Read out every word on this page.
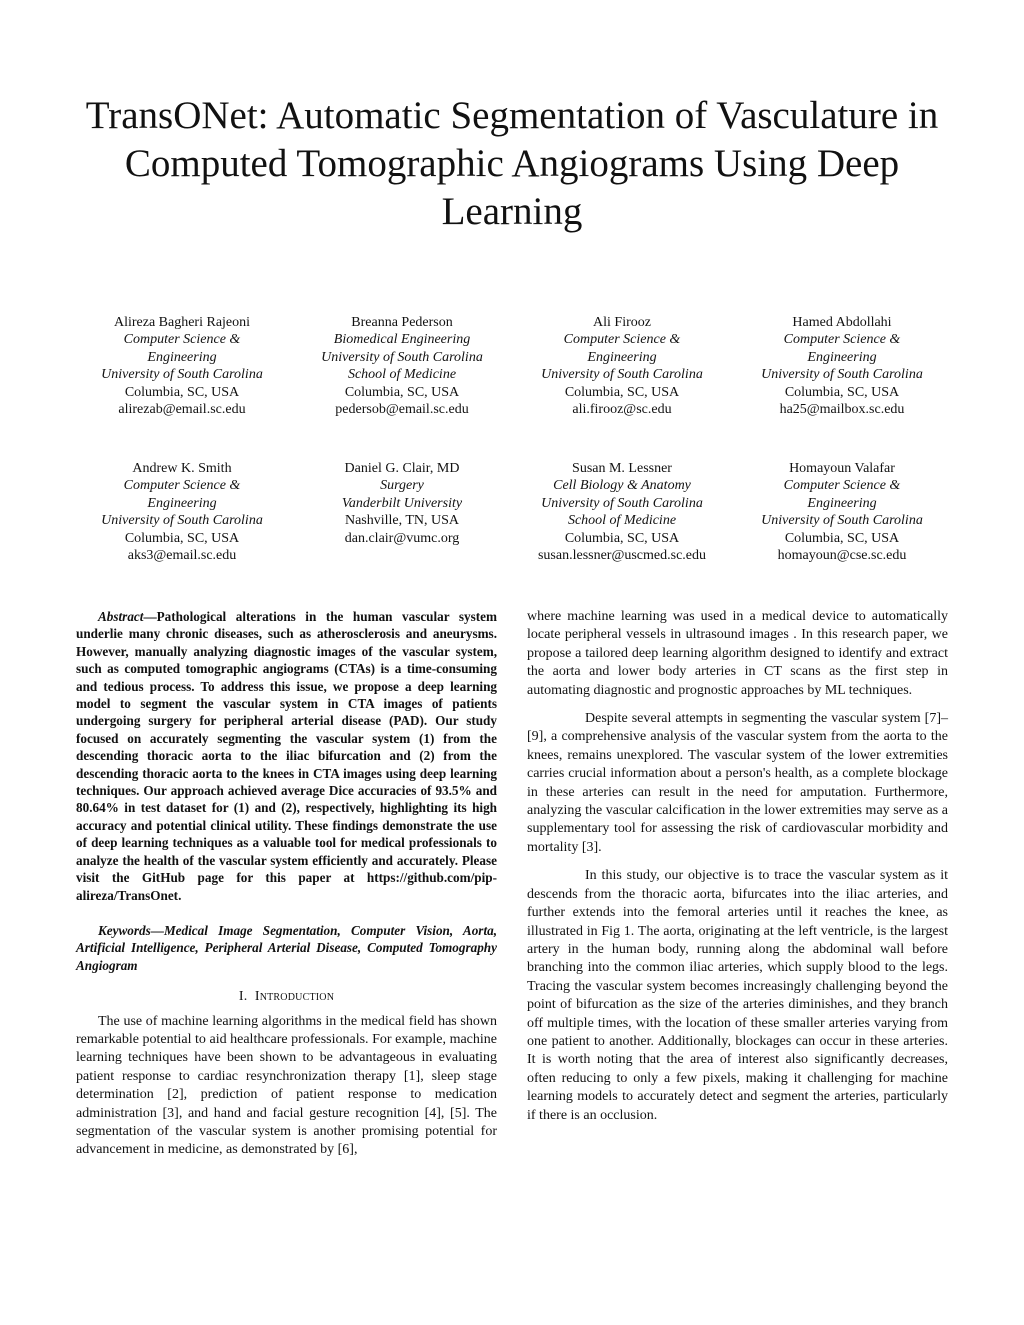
TransONet: Automatic Segmentation of Vasculature in Computed Tomographic Angiograms Using Deep Learning
Alireza Bagheri Rajeoni
Computer Science &
Engineering
University of South Carolina
Columbia, SC, USA
alirezab@email.sc.edu
Breanna Pederson
Biomedical Engineering
University of South Carolina
School of Medicine
Columbia, SC, USA
pedersob@email.sc.edu
Ali Firooz
Computer Science &
Engineering
University of South Carolina
Columbia, SC, USA
ali.firooz@sc.edu
Hamed Abdollahi
Computer Science &
Engineering
University of South Carolina
Columbia, SC, USA
ha25@mailbox.sc.edu
Andrew K. Smith
Computer Science &
Engineering
University of South Carolina
Columbia, SC, USA
aks3@email.sc.edu
Daniel G. Clair, MD
Surgery
Vanderbilt University
Nashville, TN, USA
dan.clair@vumc.org
Susan M. Lessner
Cell Biology & Anatomy
University of South Carolina
School of Medicine
Columbia, SC, USA
susan.lessner@uscmed.sc.edu
Homayoun Valafar
Computer Science &
Engineering
University of South Carolina
Columbia, SC, USA
homayoun@cse.sc.edu

Abstract—Pathological alterations in the human vascular system underlie many chronic diseases, such as atherosclerosis and aneurysms. However, manually analyzing diagnostic images of the vascular system, such as computed tomographic angiograms (CTAs) is a time-consuming and tedious process. To address this issue, we propose a deep learning model to segment the vascular system in CTA images of patients undergoing surgery for peripheral arterial disease (PAD). Our study focused on accurately segmenting the vascular system (1) from the descending thoracic aorta to the iliac bifurcation and (2) from the descending thoracic aorta to the knees in CTA images using deep learning techniques. Our approach achieved average Dice accuracies of 93.5% and 80.64% in test dataset for (1) and (2), respectively, highlighting its high accuracy and potential clinical utility. These findings demonstrate the use of deep learning techniques as a valuable tool for medical professionals to analyze the health of the vascular system efficiently and accurately. Please visit the GitHub page for this paper at https://github.com/pip-alireza/TransOnet.

Keywords—Medical Image Segmentation, Computer Vision, Aorta, Artificial Intelligence, Peripheral Arterial Disease, Computed Tomography Angiogram

I. Introduction

The use of machine learning algorithms in the medical field has shown remarkable potential to aid healthcare professionals. For example, machine learning techniques have been shown to be advantageous in evaluating patient response to cardiac resynchronization therapy [1], sleep stage determination [2], prediction of patient response to medication administration [3], and hand and facial gesture recognition [4], [5]. The segmentation of the vascular system is another promising potential for advancement in medicine, as demonstrated by [6],

where machine learning was used in a medical device to automatically locate peripheral vessels in ultrasound images . In this research paper, we propose a tailored deep learning algorithm designed to identify and extract the aorta and lower body arteries in CT scans as the first step in automating diagnostic and prognostic approaches by ML techniques.

Despite several attempts in segmenting the vascular system [7]–[9], a comprehensive analysis of the vascular system from the aorta to the knees, remains unexplored. The vascular system of the lower extremities carries crucial information about a person's health, as a complete blockage in these arteries can result in the need for amputation. Furthermore, analyzing the vascular calcification in the lower extremities may serve as a supplementary tool for assessing the risk of cardiovascular morbidity and mortality [3].

In this study, our objective is to trace the vascular system as it descends from the thoracic aorta, bifurcates into the iliac arteries, and further extends into the femoral arteries until it reaches the knee, as illustrated in Fig 1. The aorta, originating at the left ventricle, is the largest artery in the human body, running along the abdominal wall before branching into the common iliac arteries, which supply blood to the legs. Tracing the vascular system becomes increasingly challenging beyond the point of bifurcation as the size of the arteries diminishes, and they branch off multiple times, with the location of these smaller arteries varying from one patient to another. Additionally, blockages can occur in these arteries. It is worth noting that the area of interest also significantly decreases, often reducing to only a few pixels, making it challenging for machine learning models to accurately detect and segment the arteries, particularly if there is an occlusion.
